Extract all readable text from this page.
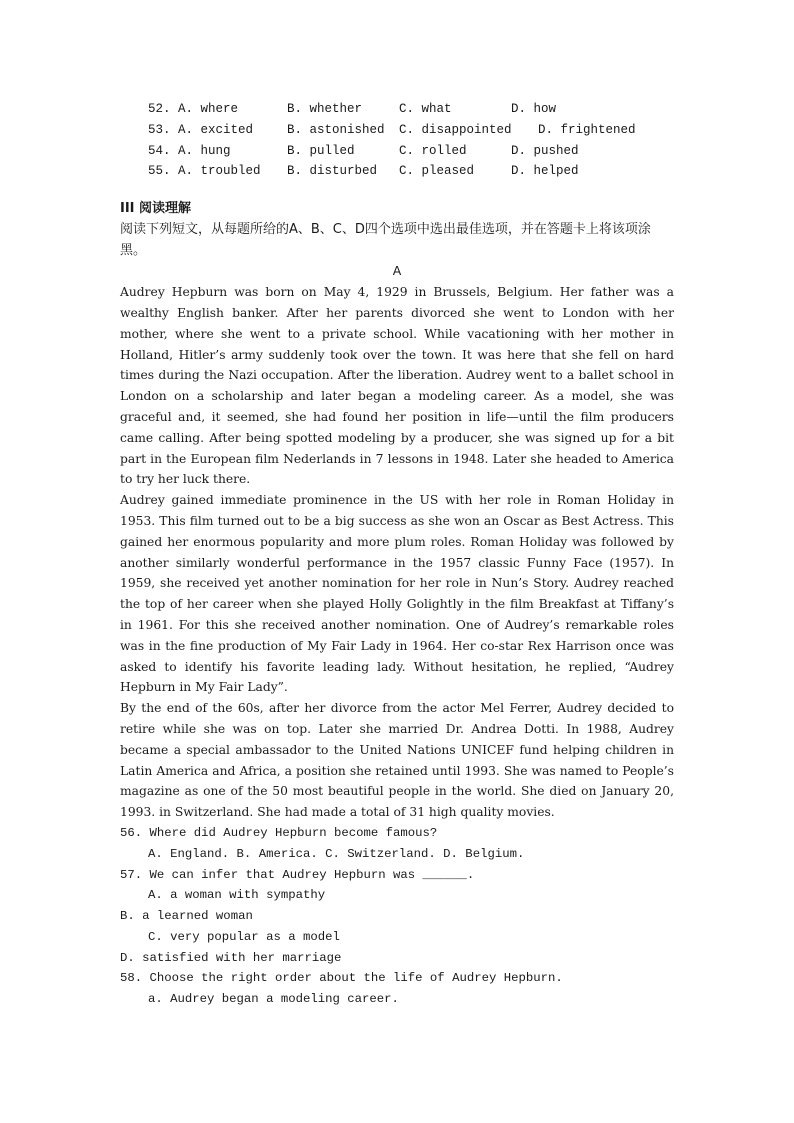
52. A. where	B. whether	C. what	D. how
53. A. excited	B. astonished C. disappointed D. frightened
54. A. hung	B. pulled	C. rolled	D. pushed
55. A. troubled B. disturbed C. pleased	D. helped
III 阅读理解
阅读下列短文，从每题所给的A、B、C、D四个选项中选出最佳选项，并在答题卡上将该项涂黑。
A

Audrey Hepburn was born on May 4, 1929 in Brussels, Belgium. Her father was a wealthy English banker. After her parents divorced she went to London with her mother, where she went to a private school. While vacationing with her mother in Holland, Hitler’s army suddenly took over the town. It was here that she fell on hard times during the Nazi occupation. After the liberation. Audrey went to a ballet school in London on a scholarship and later began a modeling career. As a model, she was graceful and, it seemed, she had found her position in life—until the film producers came calling. After being spotted modeling by a producer, she was signed up for a bit part in the European film Nederlands in 7 lessons in 1948. Later she headed to America to try her luck there.

Audrey gained immediate prominence in the US with her role in Roman Holiday in 1953. This film turned out to be a big success as she won an Oscar as Best Actress. This gained her enormous popularity and more plum roles. Roman Holiday was followed by another similarly wonderful performance in the 1957 classic Funny Face (1957). In 1959, she received yet another nomination for her role in Nun’s Story. Audrey reached the top of her career when she played Holly Golightly in the film Breakfast at Tiffany’s in 1961. For this she received another nomination. One of Audrey’s remarkable roles was in the fine production of My Fair Lady in 1964. Her co-star Rex Harrison once was asked to identify his favorite leading lady. Without hesitation, he replied, “Audrey Hepburn in My Fair Lady”.

By the end of the 60s, after her divorce from the actor Mel Ferrer, Audrey decided to retire while she was on top. Later she married Dr. Andrea Dotti. In 1988, Audrey became a special ambassador to the United Nations UNICEF fund helping children in Latin America and Africa, a position she retained until 1993. She was named to People’s magazine as one of the 50 most beautiful people in the world. She died on January 20, 1993. in Switzerland. She had made a total of 31 high quality movies.

56. Where did Audrey Hepburn become famous?
A. England. B. America. C. Switzerland. D. Belgium.
57. We can infer that Audrey Hepburn was ______.
A. a woman with sympathy
B. a learned woman
C. very popular as a model
D. satisfied with her marriage
58. Choose the right order about the life of Audrey Hepburn.
a. Audrey began a modeling career.
